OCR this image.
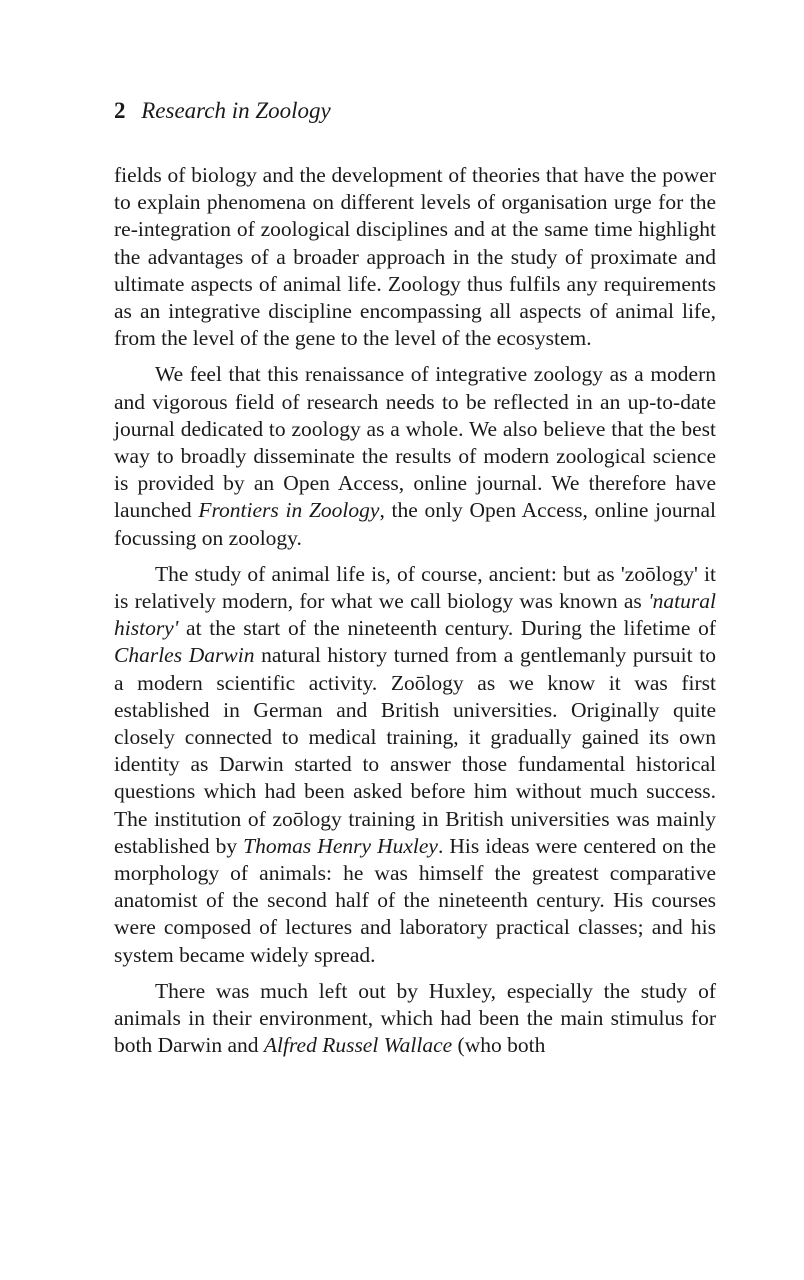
2 Research in Zoology

fields of biology and the development of theories that have the power to explain phenomena on different levels of organisation urge for the re-integration of zoological disciplines and at the same time highlight the advantages of a broader approach in the study of proximate and ultimate aspects of animal life. Zoology thus fulfils any requirements as an integrative discipline encompassing all aspects of animal life, from the level of the gene to the level of the ecosystem.

We feel that this renaissance of integrative zoology as a modern and vigorous field of research needs to be reflected in an up-to-date journal dedicated to zoology as a whole. We also believe that the best way to broadly disseminate the results of modern zoological science is provided by an Open Access, online journal. We therefore have launched Frontiers in Zoology, the only Open Access, online journal focussing on zoology.

The study of animal life is, of course, ancient: but as 'zoōlogy' it is relatively modern, for what we call biology was known as 'natural history' at the start of the nineteenth century. During the lifetime of Charles Darwin natural history turned from a gentlemanly pursuit to a modern scientific activity. Zoōlogy as we know it was first established in German and British universities. Originally quite closely connected to medical training, it gradually gained its own identity as Darwin started to answer those fundamental historical questions which had been asked before him without much success. The institution of zoōlogy training in British universities was mainly established by Thomas Henry Huxley. His ideas were centered on the morphology of animals: he was himself the greatest comparative anatomist of the second half of the nineteenth century. His courses were composed of lectures and laboratory practical classes; and his system became widely spread.

There was much left out by Huxley, especially the study of animals in their environment, which had been the main stimulus for both Darwin and Alfred Russel Wallace (who both
